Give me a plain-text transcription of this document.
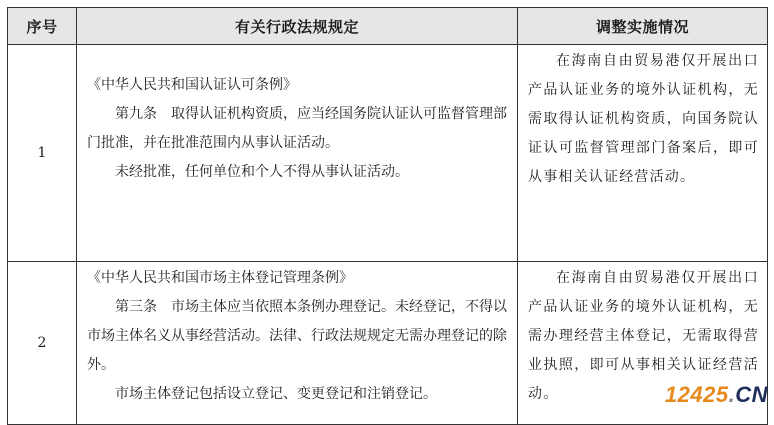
序号	有关行政法规规定	调整实施情况
1	《中华人民共和国认证认可条例》

第九条　取得认证机构资质，应当经国务院认证认可监督管理部门批准，并在批准范围内从事认证活动。

未经批准，任何单位和个人不得从事认证活动。	在海南自由贸易港仅开展出口产品认证业务的境外认证机构，无需取得认证机构资质，向国务院认证认可监督管理部门备案后，即可从事相关认证经营活动。
2	《中华人民共和国市场主体登记管理条例》

第三条　市场主体应当依照本条例办理登记。未经登记，不得以市场主体名义从事经营活动。法律、行政法规规定无需办理登记的除外。

市场主体登记包括设立登记、变更登记和注销登记。	在海南自由贸易港仅开展出口产品认证业务的境外认证机构，无需办理经营主体登记，无需取得营业执照，即可从事相关认证经营活动。	12425.CN
